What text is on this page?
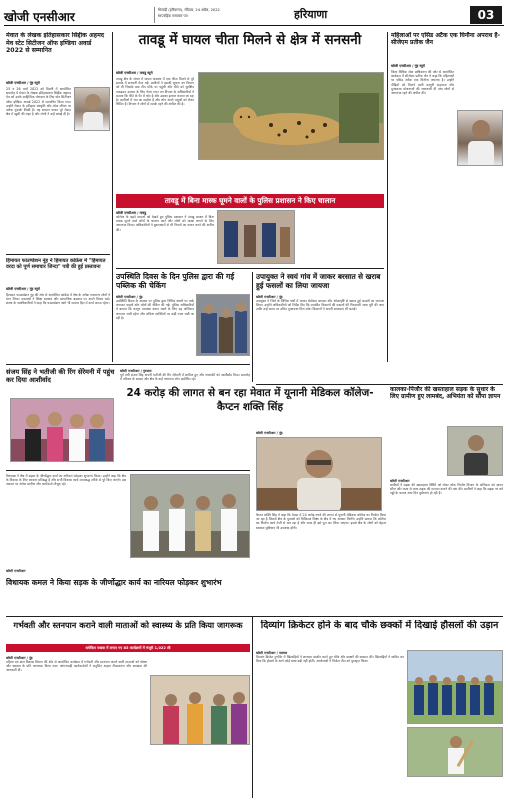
खोजी एनसीआर	भिवाड़ी (हरियाणा), रविवार, 24 अप्रैल, 2022
साप्ताहिक समाचार पत्र	हरियाणा	03
मेवात के लेखक इतिहासकार सिद्दीक अहमद मेव स्टेट सिटीजन ऑफ इण्डिया अवार्ड 2022 से सम्मानित
खोजी एनसीआर / नूंह ब्यूरो
25 व 26 मार्च 2022 को दिल्ली में आयोजित समारोह में मेवात के लेखक इतिहासकार सिद्दीक अहमद मेव को उनके साहित्यिक योगदान के लिए स्टेट सिटीजन ऑफ इण्डिया अवार्ड 2022 से सम्मानित किया गया। उन्होंने मेवात के इतिहास संस्कृति और लोक जीवन पर अनेक पुस्तकें लिखी हैं। यह सम्मान पाकर पूरे मेवात क्षेत्र में खुशी की लहर है और लोगों ने उन्हें बधाई दी है।
हिमायत फाउण्डेशन नूंह ने हिमायत कांफ्रेंस में "हिमायत वरदा को पूर्ण समाचार जिन्दा" पत्री की हुई प्रस्तावना
खोजी एनसीआर / नूंह ब्यूरो
हिमायत फाउण्डेशन नूंह की ओर से आयोजित कांफ्रेंस में क्षेत्र के अनेक गणमान्य लोगों ने भाग लिया। वक्ताओं ने शिक्षा स्वास्थ्य और सामाजिक बदलाव पर अपने विचार रखे। संस्था के पदाधिकारियों ने कहा कि फाउण्डेशन आगे भी समाज हित में कार्य करता रहेगा।
तावडू में घायल चीता मिलने से क्षेत्र में सनसनी
खोजी एनसीआर / तावडू ब्यूरो
तावडू क्षेत्र के जंगल में घायल अवस्था में एक चीता मिलने से पूरे इलाके में सनसनी फैल गई। ग्रामीणों ने इसकी सूचना वन विभाग को दी जिसके बाद टीम मौके पर पहुंची और चीते को सुरक्षित पकड़कर उपचार के लिए भेजा गया। वन विभाग के अधिकारियों ने बताया कि चीते के पैर में चोट है और उसका इलाज कराया जा रहा है। ग्रामीणों में भय का माहौल है और लोग अपने पशुओं को लेकर चिंतित हैं। विभाग ने लोगों से सतर्क रहने की अपील की है।
महिलाओं पर एसिड अटैक एक घिनौना अपराध है-सीजेएम प्रतीक जैन
खोजी एनसीआर / नूंह ब्यूरो
जिला विधिक सेवा प्राधिकरण की ओर से आयोजित कार्यक्रम में सीजेएम प्रतीक जैन ने कहा कि महिलाओं पर एसिड अटैक एक घिनौना अपराध है। उन्होंने पीड़ितों को मिलने वाली कानूनी सहायता और मुआवजा योजनाओं की जानकारी दी तथा लोगों से जागरूक रहने की अपील की।
तावडू में बिना मास्क घूमने वालों के पुलिस प्रशासन ने किए चालान
खोजी एनसीआर / तावडू
कोरोना के बढ़ते मामलों को देखते हुए पुलिस प्रशासन ने तावडू बाजार में बिना मास्क घूमने वाले लोगों के चालान काटे और लोगों को मास्क लगाने के लिए जागरूक किया। अधिकारियों ने दुकानदारों से भी नियमों का पालन करने की अपील की।
उपस्थिति दिवस के दिन पुलिस द्वारा की गई पब्लिक की चेकिंग
खोजी एनसीआर / नूंह
उपस्थिति दिवस के अवसर पर पुलिस द्वारा विभिन्न स्थानों पर नाके लगाकर वाहनों और लोगों की चेकिंग की गई। पुलिस अधिकारियों ने बताया कि कानून व्यवस्था बनाए रखने के लिए यह अभियान लगातार जारी रहेगा और संदिग्ध व्यक्तियों पर कड़ी नजर रखी जा रही है।
उपायुक्त ने स्वयं गांव में जाकर बरसात से खराब हुई फसलों का लिया जायजा
खोजी एनसीआर / नूंह
उपायुक्त ने जिले के विभिन्न गांवों में जाकर बेमौसम बरसात और ओलावृष्टि से खराब हुई फसलों का जायजा लिया। उन्होंने अधिकारियों को निर्देश दिए कि प्रभावित किसानों की फसलों की गिरदावरी जल्द पूरी की जाए ताकि उन्हें समय पर उचित मुआवजा मिल सके। किसानों ने अपनी समस्याएं भी बताईं।
संजय सिंह ने भतीजी की रिंग सेरेमनी में पहुंच कर दिया आशीर्वाद
खोजी एनसीआर / गुरुग्राम
पूर्व मंत्री संजय सिंह अपनी भतीजी की रिंग सेरेमनी में शामिल हुए और नवदंपति को आशीर्वाद दिया। समारोह में परिवार के सदस्य और क्षेत्र के कई गणमान्य लोग उपस्थित रहे।
कालका-पिंजौर की खस्ताहाल सड़क के सुधार के लिए ग्रामीण हुए लामबंद, अभियंता को सौंपा ज्ञापन
खोजी एनसीआर
ग्रामीणों ने सड़क की खस्ताहाल स्थिति को लेकर लोक निर्माण विभाग के अभियंता को ज्ञापन सौंपा और जल्द से जल्द सड़क की मरम्मत कराने की मांग की। ग्रामीणों ने कहा कि सड़क पर बने गड्ढों के कारण आए दिन दुर्घटनाएं हो रही हैं।
24 करोड़ की लागत से बन रहा मेवात में यूनानी मेडिकल कॉलेज-कैप्टन शक्ति सिंह
खोजी एनसीआर / नूंह
कैप्टन शक्ति सिंह ने कहा कि मेवात में 24 करोड़ रुपये की लागत से यूनानी मेडिकल कॉलेज का निर्माण किया जा रहा है जिससे क्षेत्र के युवाओं को चिकित्सा शिक्षा के क्षेत्र में नए अवसर मिलेंगे। उन्होंने बताया कि कॉलेज का निर्माण कार्य तेजी से चल रहा है और जल्द ही इसे पूरा कर लिया जाएगा। इससे क्षेत्र के लोगों को बेहतर स्वास्थ्य सुविधाएं भी उपलब्ध होंगी।
विधायक ने क्षेत्र में सड़क के जीर्णोद्धार कार्य का नारियल फोड़कर शुभारंभ किया। उन्होंने कहा कि क्षेत्र के विकास के लिए सरकार प्रतिबद्ध है और सभी विकास कार्य समयबद्ध तरीके से पूरे किए जाएंगे। इस अवसर पर अनेक ग्रामीण और कार्यकर्ता मौजूद रहे।
खोजी एनसीआर
विधायक कमल ने किया सड़क के जीर्णोद्धार कार्य का नारियल फोड़कर शुभारंभ
गर्भवती और स्तनपान कराने वाली माताओं को स्वास्थ्य के प्रति किया जागरूक
समेकित पखवा में लगाए गए 85 कार्यक्रमों में मंजूरी 1,022 ली
खोजी एनसीआर / नूंह
महिला एवं बाल विकास विभाग की ओर से आयोजित कार्यक्रम में गर्भवती और स्तनपान कराने वाली माताओं को पोषण और स्वास्थ्य के प्रति जागरूक किया गया। आंगनवाड़ी कार्यकर्ताओं ने संतुलित आहार टीकाकरण और स्वच्छता की जानकारी दी।
दिव्यांग क्रिकेटर होने के बाद चौके छक्कों में दिखाई हौसलों की उड़ान
खोजी एनसीआर / पलवल
दिव्यांग क्रिकेट टूर्नामेंट में खिलाड़ियों ने शानदार प्रदर्शन करते हुए चौके और छक्कों की बरसात की। खिलाड़ियों ने साबित कर दिया कि हौसले के आगे कोई बाधा बड़ी नहीं होती। आयोजकों ने विजेता टीम को पुरस्कृत किया।
